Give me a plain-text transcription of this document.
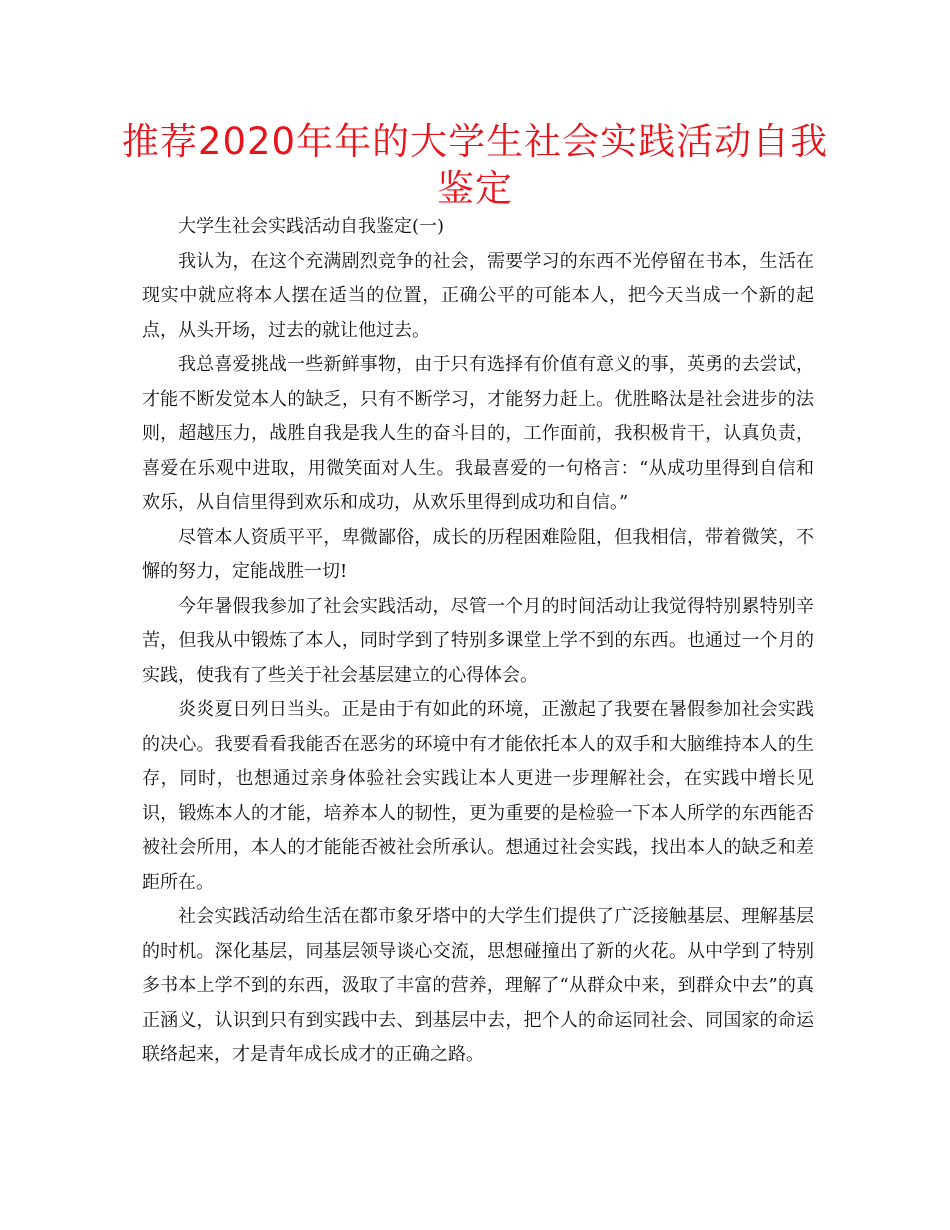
推荐2020年年的大学生社会实践活动自我鉴定

大学生社会实践活动自我鉴定(一)

我认为，在这个充满剧烈竞争的社会，需要学习的东西不光停留在书本，生活在现实中就应将本人摆在适当的位置，正确公平的可能本人，把今天当成一个新的起点，从头开场，过去的就让他过去。

我总喜爱挑战一些新鲜事物，由于只有选择有价值有意义的事，英勇的去尝试，才能不断发觉本人的缺乏，只有不断学习，才能努力赶上。优胜略汰是社会进步的法则，超越压力，战胜自我是我人生的奋斗目的，工作面前，我积极肯干，认真负责，喜爱在乐观中进取，用微笑面对人生。我最喜爱的一句格言：“从成功里得到自信和欢乐，从自信里得到欢乐和成功，从欢乐里得到成功和自信。”

尽管本人资质平平，卑微鄙俗，成长的历程困难险阻，但我相信，带着微笑，不懈的努力，定能战胜一切!

今年暑假我参加了社会实践活动，尽管一个月的时间活动让我觉得特别累特别辛苦，但我从中锻炼了本人，同时学到了特别多课堂上学不到的东西。也通过一个月的实践，使我有了些关于社会基层建立的心得体会。

炎炎夏日列日当头。正是由于有如此的环境，正激起了我要在暑假参加社会实践的决心。我要看看我能否在恶劣的环境中有才能依托本人的双手和大脑维持本人的生存，同时，也想通过亲身体验社会实践让本人更进一步理解社会，在实践中增长见识，锻炼本人的才能，培养本人的韧性，更为重要的是检验一下本人所学的东西能否被社会所用，本人的才能能否被社会所承认。想通过社会实践，找出本人的缺乏和差距所在。

社会实践活动给生活在都市象牙塔中的大学生们提供了广泛接触基层、理解基层的时机。深化基层，同基层领导谈心交流，思想碰撞出了新的火花。从中学到了特别多书本上学不到的东西，汲取了丰富的营养，理解了“从群众中来，到群众中去”的真正涵义，认识到只有到实践中去、到基层中去，把个人的命运同社会、同国家的命运联络起来，才是青年成长成才的正确之路。
